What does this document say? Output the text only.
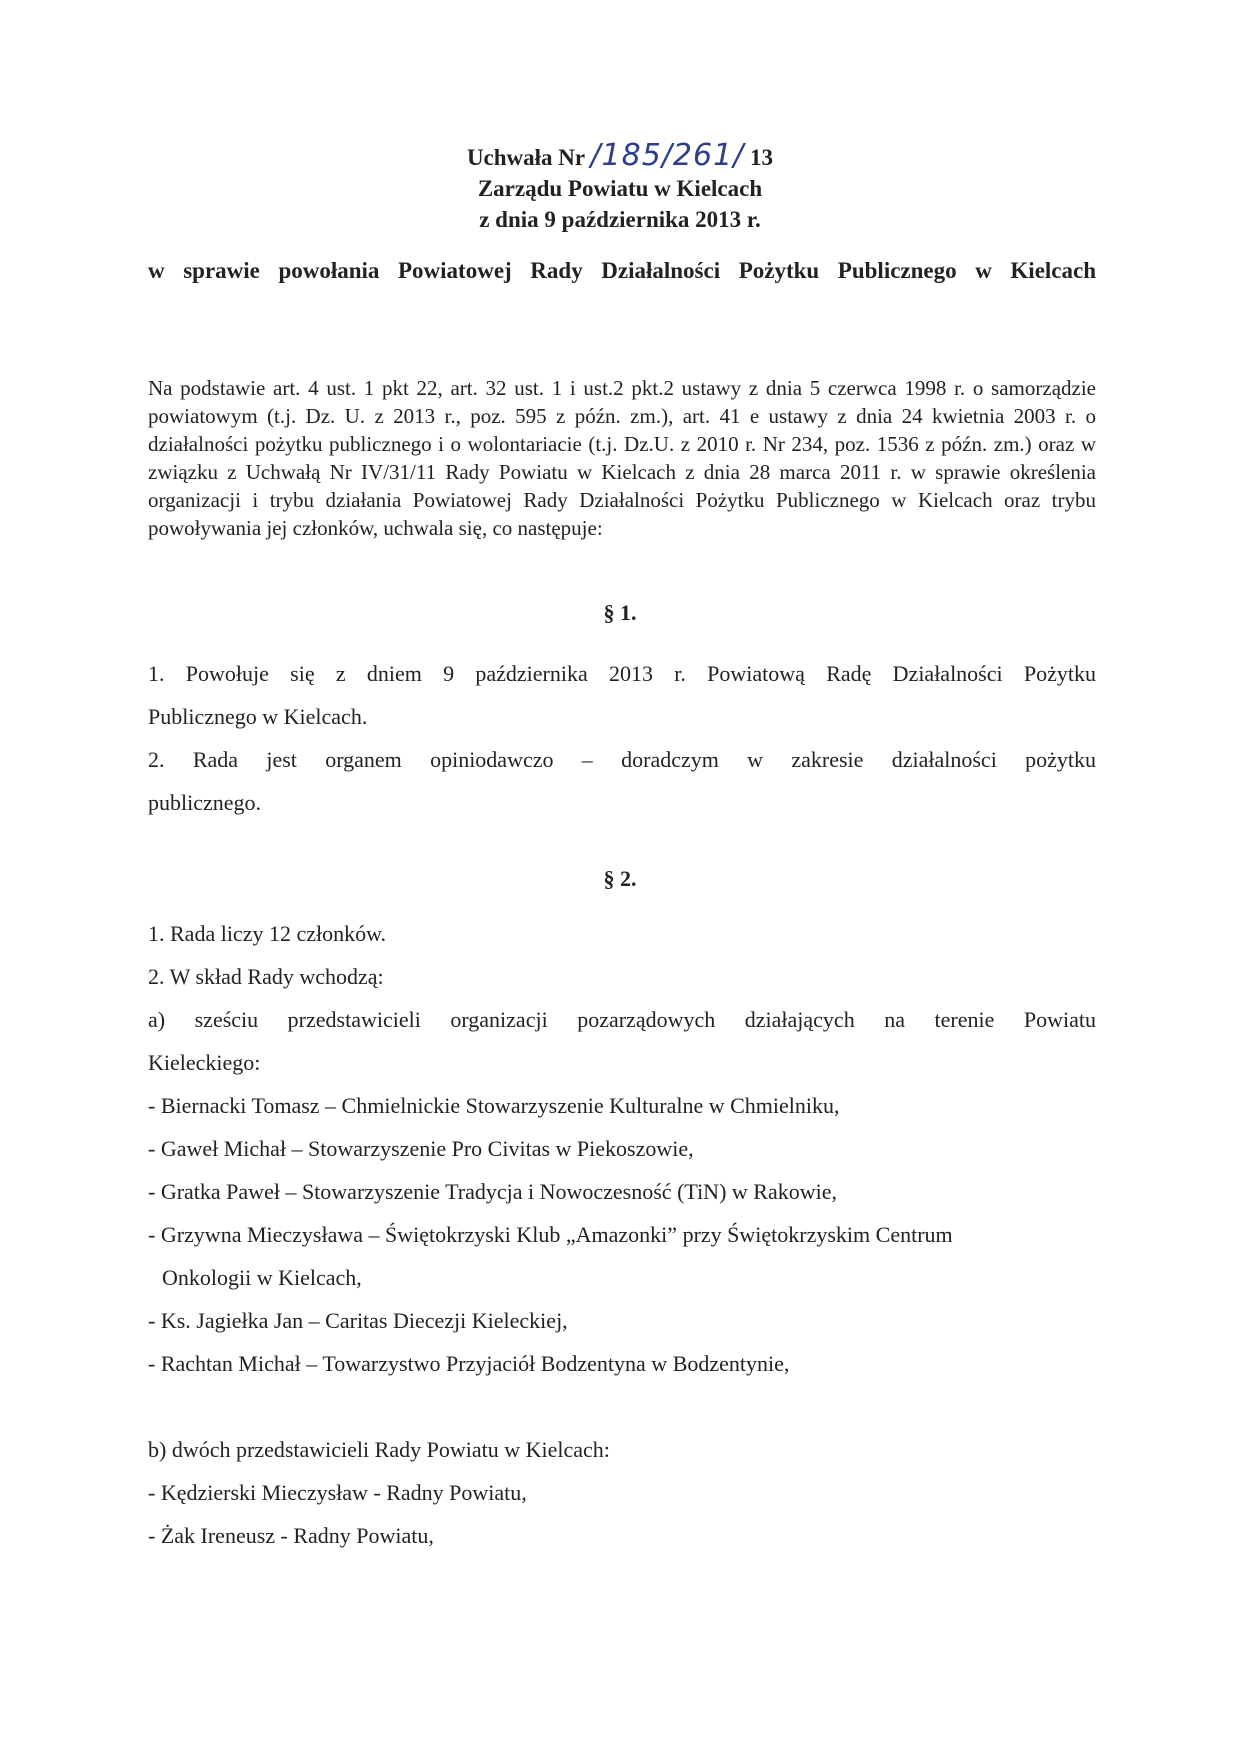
Uchwała Nr /185/261/ 13
Zarządu Powiatu w Kielcach
z dnia 9 października 2013 r.
w sprawie powołania Powiatowej Rady Działalności Pożytku Publicznego w Kielcach
Na podstawie art. 4 ust. 1 pkt 22, art. 32 ust. 1 i ust.2 pkt.2 ustawy z dnia 5 czerwca 1998 r. o samorządzie powiatowym (t.j. Dz. U. z 2013 r., poz. 595 z późn. zm.), art. 41 e ustawy z dnia 24 kwietnia 2003 r. o działalności pożytku publicznego i o wolontariacie (t.j. Dz.U. z 2010 r. Nr 234, poz. 1536 z późn. zm.) oraz w związku z Uchwałą Nr IV/31/11 Rady Powiatu w Kielcach z dnia 28 marca 2011 r. w sprawie określenia organizacji i trybu działania Powiatowej Rady Działalności Pożytku Publicznego w Kielcach oraz trybu powoływania jej członków, uchwala się, co następuje:
§ 1.
1. Powołuje się z dniem 9 października 2013 r. Powiatową Radę Działalności Pożytku
Publicznego w Kielcach.
2. Rada jest organem opiniodawczo – doradczym w zakresie działalności pożytku
publicznego.
§ 2.
1. Rada liczy 12 członków.
2. W skład Rady wchodzą:
a) sześciu przedstawicieli organizacji pozarządowych działających na terenie Powiatu
Kieleckiego:
- Biernacki Tomasz – Chmielnickie Stowarzyszenie Kulturalne w Chmielniku,
- Gaweł Michał – Stowarzyszenie Pro Civitas w Piekoszowie,
- Gratka Paweł – Stowarzyszenie Tradycja i Nowoczesność (TiN) w Rakowie,
- Grzywna Mieczysława – Świętokrzyski Klub „Amazonki” przy Świętokrzyskim Centrum
Onkologii w Kielcach,
- Ks. Jagiełka Jan – Caritas Diecezji Kieleckiej,
- Rachtan Michał – Towarzystwo Przyjaciół Bodzentyna w Bodzentynie,
b) dwóch przedstawicieli Rady Powiatu w Kielcach:
- Kędzierski Mieczysław - Radny Powiatu,
- Żak Ireneusz - Radny Powiatu,
